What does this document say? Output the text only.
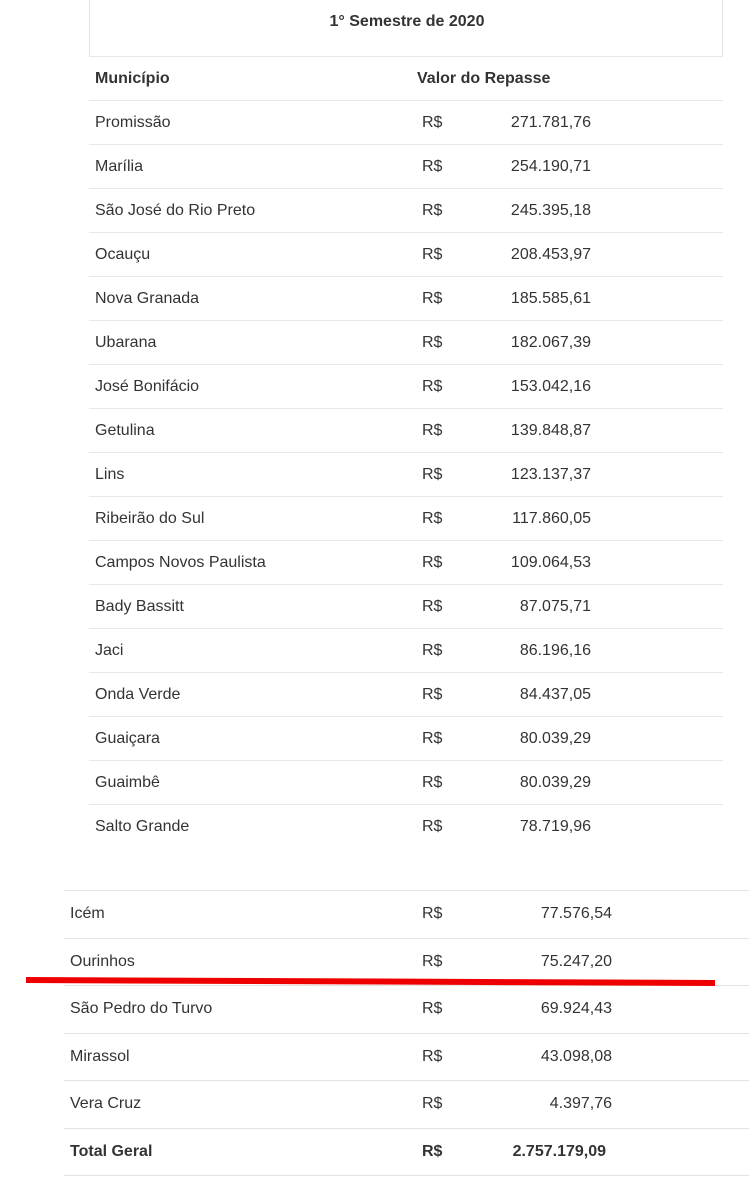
1° Semestre de 2020
Município	Valor do Repasse
Promissão	R$	271.781,76
Marília	R$	254.190,71
São José do Rio Preto	R$	245.395,18
Ocauçu	R$	208.453,97
Nova Granada	R$	185.585,61
Ubarana	R$	182.067,39
José Bonifácio	R$	153.042,16
Getulina	R$	139.848,87
Lins	R$	123.137,37
Ribeirão do Sul	R$	117.860,05
Campos Novos Paulista	R$	109.064,53
Bady Bassitt	R$	87.075,71
Jaci	R$	86.196,16
Onda Verde	R$	84.437,05
Guaiçara	R$	80.039,29
Guaimbê	R$	80.039,29
Salto Grande	R$	78.719,96
Icém	R$	77.576,54
Ourinhos	R$	75.247,20
São Pedro do Turvo	R$	69.924,43
Mirassol	R$	43.098,08
Vera Cruz	R$	4.397,76
Total Geral	R$	2.757.179,09
